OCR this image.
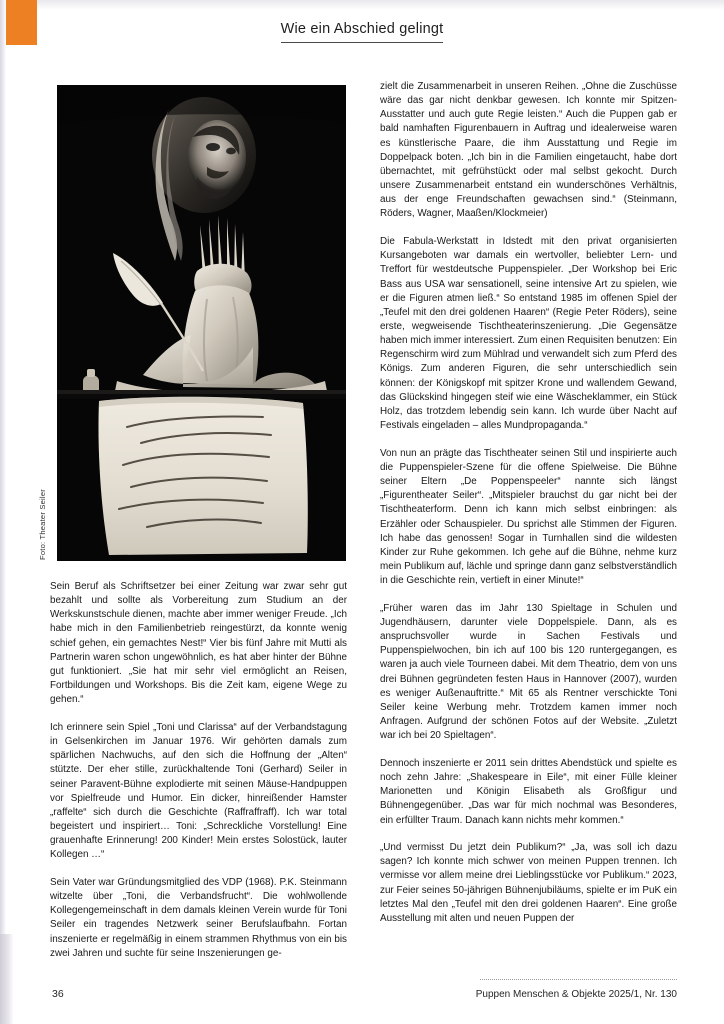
Wie ein Abschied gelingt
Foto: Theater Seiler

Sein Beruf als Schriftsetzer bei einer Zeitung war zwar sehr gut bezahlt und sollte als Vorbereitung zum Studium an der Werkskunstschule dienen, machte aber immer weniger Freude. „Ich habe mich in den Familienbetrieb reingestürzt, da konnte wenig schief gehen, ein gemachtes Nest!“ Vier bis fünf Jahre mit Mutti als Partnerin waren schon ungewöhnlich, es hat aber hinter der Bühne gut funktioniert. „Sie hat mir sehr viel ermöglicht an Reisen, Fortbildungen und Workshops. Bis die Zeit kam, eigene Wege zu gehen.“

Ich erinnere sein Spiel „Toni und Clarissa“ auf der Verbandstagung in Gelsenkirchen im Januar 1976. Wir gehörten damals zum spärlichen Nachwuchs, auf den sich die Hoffnung der „Alten“ stützte. Der eher stille, zurückhaltende Toni (Gerhard) Seiler in seiner Paravent-Bühne explodierte mit seinen Mäuse-Handpuppen vor Spielfreude und Humor. Ein dicker, hinreißender Hamster „raffelte“ sich durch die Geschichte (Raffraffraff). Ich war total begeistert und inspiriert… Toni: „Schreckliche Vorstellung! Eine grauenhafte Erinnerung! 200 Kinder! Mein erstes Solostück, lauter Kollegen …“

Sein Vater war Gründungsmitglied des VDP (1968). P.K. Steinmann witzelte über „Toni, die Verbandsfrucht“. Die wohlwollende Kollegengemeinschaft in dem damals kleinen Verein wurde für Toni Seiler ein tragendes Netzwerk seiner Berufslaufbahn. Fortan inszenierte er regelmäßig in einem strammen Rhythmus von ein bis zwei Jahren und suchte für seine Inszenierungen ge-

zielt die Zusammenarbeit in unseren Reihen. „Ohne die Zuschüsse wäre das gar nicht denkbar gewesen. Ich konnte mir Spitzen-Ausstatter und auch gute Regie leisten.“ Auch die Puppen gab er bald namhaften Figurenbauern in Auftrag und idealerweise waren es künstlerische Paare, die ihm Ausstattung und Regie im Doppelpack boten. „Ich bin in die Familien eingetaucht, habe dort übernachtet, mit gefrühstückt oder mal selbst gekocht. Durch unsere Zusammenarbeit entstand ein wunderschönes Verhältnis, aus der enge Freundschaften gewachsen sind.“ (Steinmann, Röders, Wagner, Maaßen/Klockmeier)

Die Fabula-Werkstatt in Idstedt mit den privat organisierten Kursangeboten war damals ein wertvoller, beliebter Lern- und Treffort für westdeutsche Puppenspieler. „Der Workshop bei Eric Bass aus USA war sensationell, seine intensive Art zu spielen, wie er die Figuren atmen ließ.“ So entstand 1985 im offenen Spiel der „Teufel mit den drei goldenen Haaren“ (Regie Peter Röders), seine erste, wegweisende Tischtheaterinszenierung. „Die Gegensätze haben mich immer interessiert. Zum einen Requisiten benutzen: Ein Regenschirm wird zum Mühlrad und verwandelt sich zum Pferd des Königs. Zum anderen Figuren, die sehr unterschiedlich sein können: der Königskopf mit spitzer Krone und wallendem Gewand, das Glückskind hingegen steif wie eine Wäscheklammer, ein Stück Holz, das trotzdem lebendig sein kann. Ich wurde über Nacht auf Festivals eingeladen – alles Mundpropaganda.“

Von nun an prägte das Tischtheater seinen Stil und inspirierte auch die Puppenspieler-Szene für die offene Spielweise. Die Bühne seiner Eltern „De Poppenspeeler“ nannte sich längst „Figurentheater Seiler“. „Mitspieler brauchst du gar nicht bei der Tischtheaterform. Denn ich kann mich selbst einbringen: als Erzähler oder Schauspieler. Du sprichst alle Stimmen der Figuren. Ich habe das genossen! Sogar in Turnhallen sind die wildesten Kinder zur Ruhe gekommen. Ich gehe auf die Bühne, nehme kurz mein Publikum auf, lächle und springe dann ganz selbstverständlich in die Geschichte rein, vertieft in einer Minute!“

„Früher waren das im Jahr 130 Spieltage in Schulen und Jugendhäusern, darunter viele Doppelspiele. Dann, als es anspruchsvoller wurde in Sachen Festivals und Puppenspielwochen, bin ich auf 100 bis 120 runtergegangen, es waren ja auch viele Tourneen dabei. Mit dem Theatrio, dem von uns drei Bühnen gegründeten festen Haus in Hannover (2007), wurden es weniger Außenauftritte.“ Mit 65 als Rentner verschickte Toni Seiler keine Werbung mehr. Trotzdem kamen immer noch Anfragen. Aufgrund der schönen Fotos auf der Website. „Zuletzt war ich bei 20 Spieltagen“.

Dennoch inszenierte er 2011 sein drittes Abendstück und spielte es noch zehn Jahre: „Shakespeare in Eile“, mit einer Fülle kleiner Marionetten und Königin Elisabeth als Großfigur und Bühnengegenüber. „Das war für mich nochmal was Besonderes, ein erfüllter Traum. Danach kann nichts mehr kommen.“

„Und vermisst Du jetzt dein Publikum?“ „Ja, was soll ich dazu sagen? Ich konnte mich schwer von meinen Puppen trennen. Ich vermisse vor allem meine drei Lieblingsstücke vor Publikum.“ 2023, zur Feier seines 50-jährigen Bühnenjubiläums, spielte er im PuK ein letztes Mal den „Teufel mit den drei goldenen Haaren“. Eine große Ausstellung mit alten und neuen Puppen der

36	Puppen Menschen & Objekte 2025/1, Nr. 130
